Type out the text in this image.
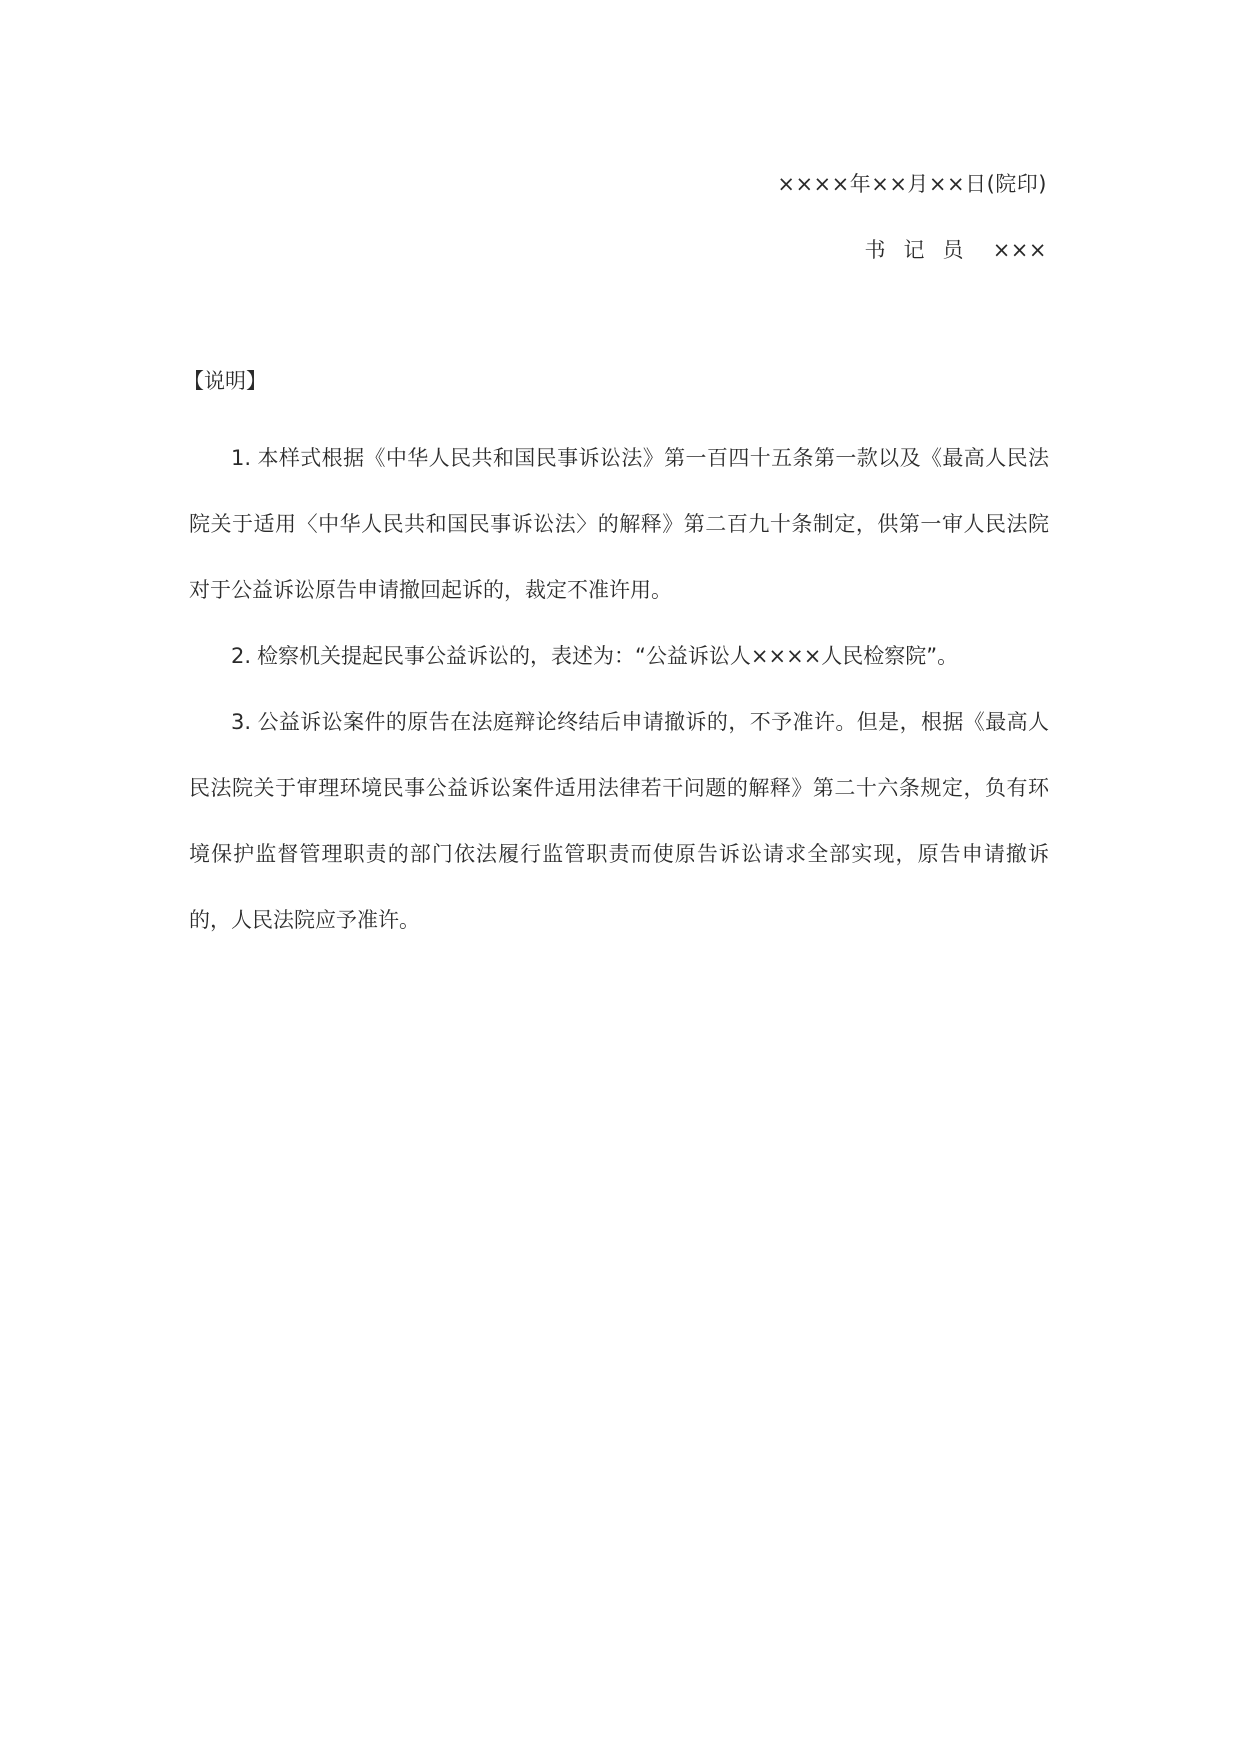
××××年××月××日(院印)
书记员 ×××
【说明】

1. 本样式根据《中华人民共和国民事诉讼法》第一百四十五条第一款以及《最高人民法院关于适用〈中华人民共和国民事诉讼法〉的解释》第二百九十条制定，供第一审人民法院对于公益诉讼原告申请撤回起诉的，裁定不准许用。

2. 检察机关提起民事公益诉讼的，表述为：“公益诉讼人××××人民检察院”。

3. 公益诉讼案件的原告在法庭辩论终结后申请撤诉的，不予准许。但是，根据《最高人民法院关于审理环境民事公益诉讼案件适用法律若干问题的解释》第二十六条规定，负有环境保护监督管理职责的部门依法履行监管职责而使原告诉讼请求全部实现，原告申请撤诉的，人民法院应予准许。
